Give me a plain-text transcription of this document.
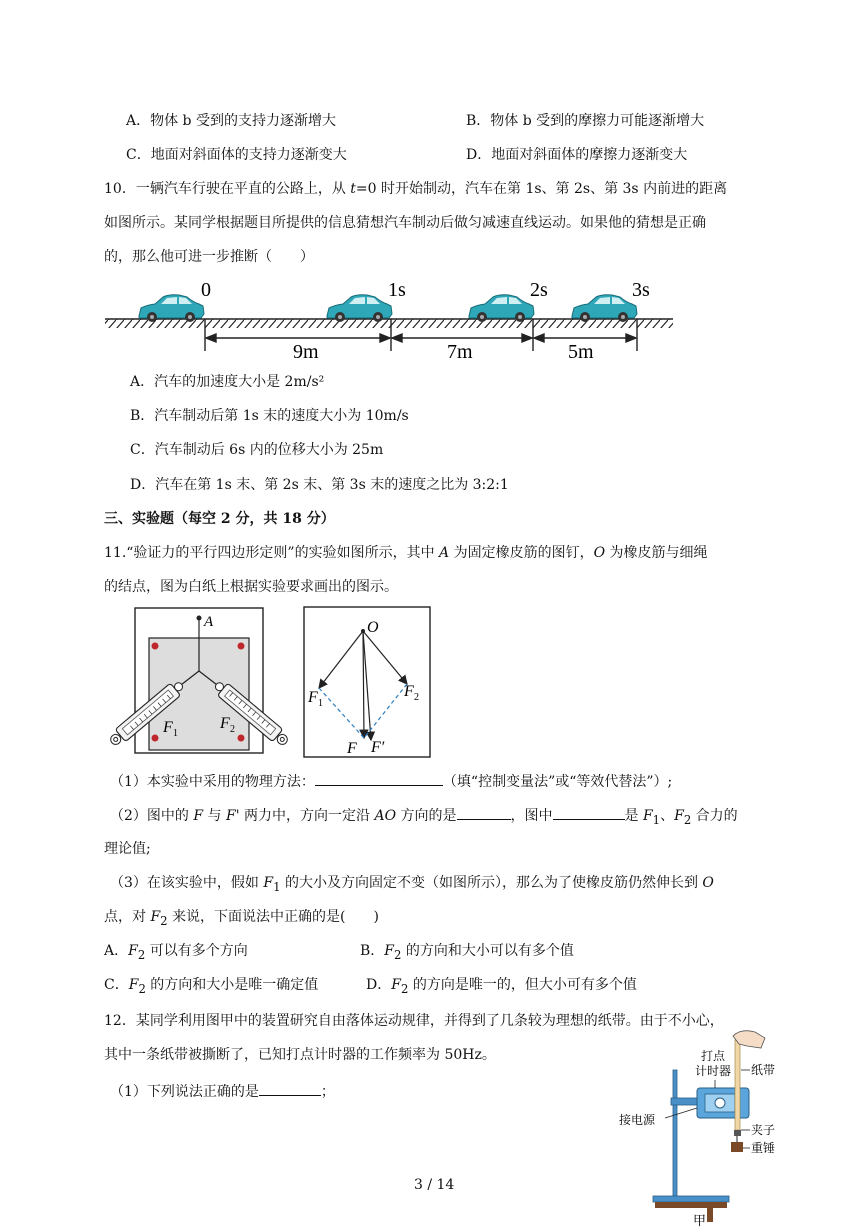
A．物体 b 受到的支持力逐渐增大	B．物体 b 受到的摩擦力可能逐渐增大
C．地面对斜面体的支持力逐渐变大	D．地面对斜面体的摩擦力逐渐变大
10．一辆汽车行驶在平直的公路上，从 t=0 时开始制动，汽车在第 1s、第 2s、第 3s 内前进的距离
如图所示。某同学根据题目所提供的信息猜想汽车制动后做匀减速直线运动。如果他的猜想是正确
的，那么他可进一步推断（　　）
0	1s	2s	3s
9m	7m	5m
A．汽车的加速度大小是 2m/s²
B．汽车制动后第 1s 末的速度大小为 10m/s
C．汽车制动后 6s 内的位移大小为 25m
D．汽车在第 1s 末、第 2s 末、第 3s 末的速度之比为 3:2:1
三、实验题（每空 2 分，共 18 分）
11.“验证力的平行四边形定则”的实验如图所示，其中 A 为固定橡皮筋的图钉，O 为橡皮筋与细绳
的结点，图为白纸上根据实验要求画出的图示。
A
F 1
F 2
O
F 1
F 2
F F′
（1）本实验中采用的物理方法：	（填“控制变量法”或“等效代替法”）;
（2）图中的 F 与 F' 两力中，方向一定沿 AO 方向的是	，图中	是 $F_1$、$F_2$ 合力的
理论值;
（3）在该实验中，假如 $F_1$ 的大小及方向固定不变（如图所示），那么为了使橡皮筋仍然伸长到 O
点，对 $F_2$ 来说，下面说法中正确的是(　　)
A．$F_2$ 可以有多个方向	B．$F_2$ 的方向和大小可以有多个值
C．$F_2$ 的方向和大小是唯一确定值	D．$F_2$ 的方向是唯一的，但大小可有多个值
12．某同学利用图甲中的装置研究自由落体运动规律，并得到了几条较为理想的纸带。由于不小心，
其中一条纸带被撕断了，已知打点计时器的工作频率为 50Hz。
（1）下列说法正确的是	；
打点
计时器 纸带
接电源
夹子
重锤
甲
3 / 14
